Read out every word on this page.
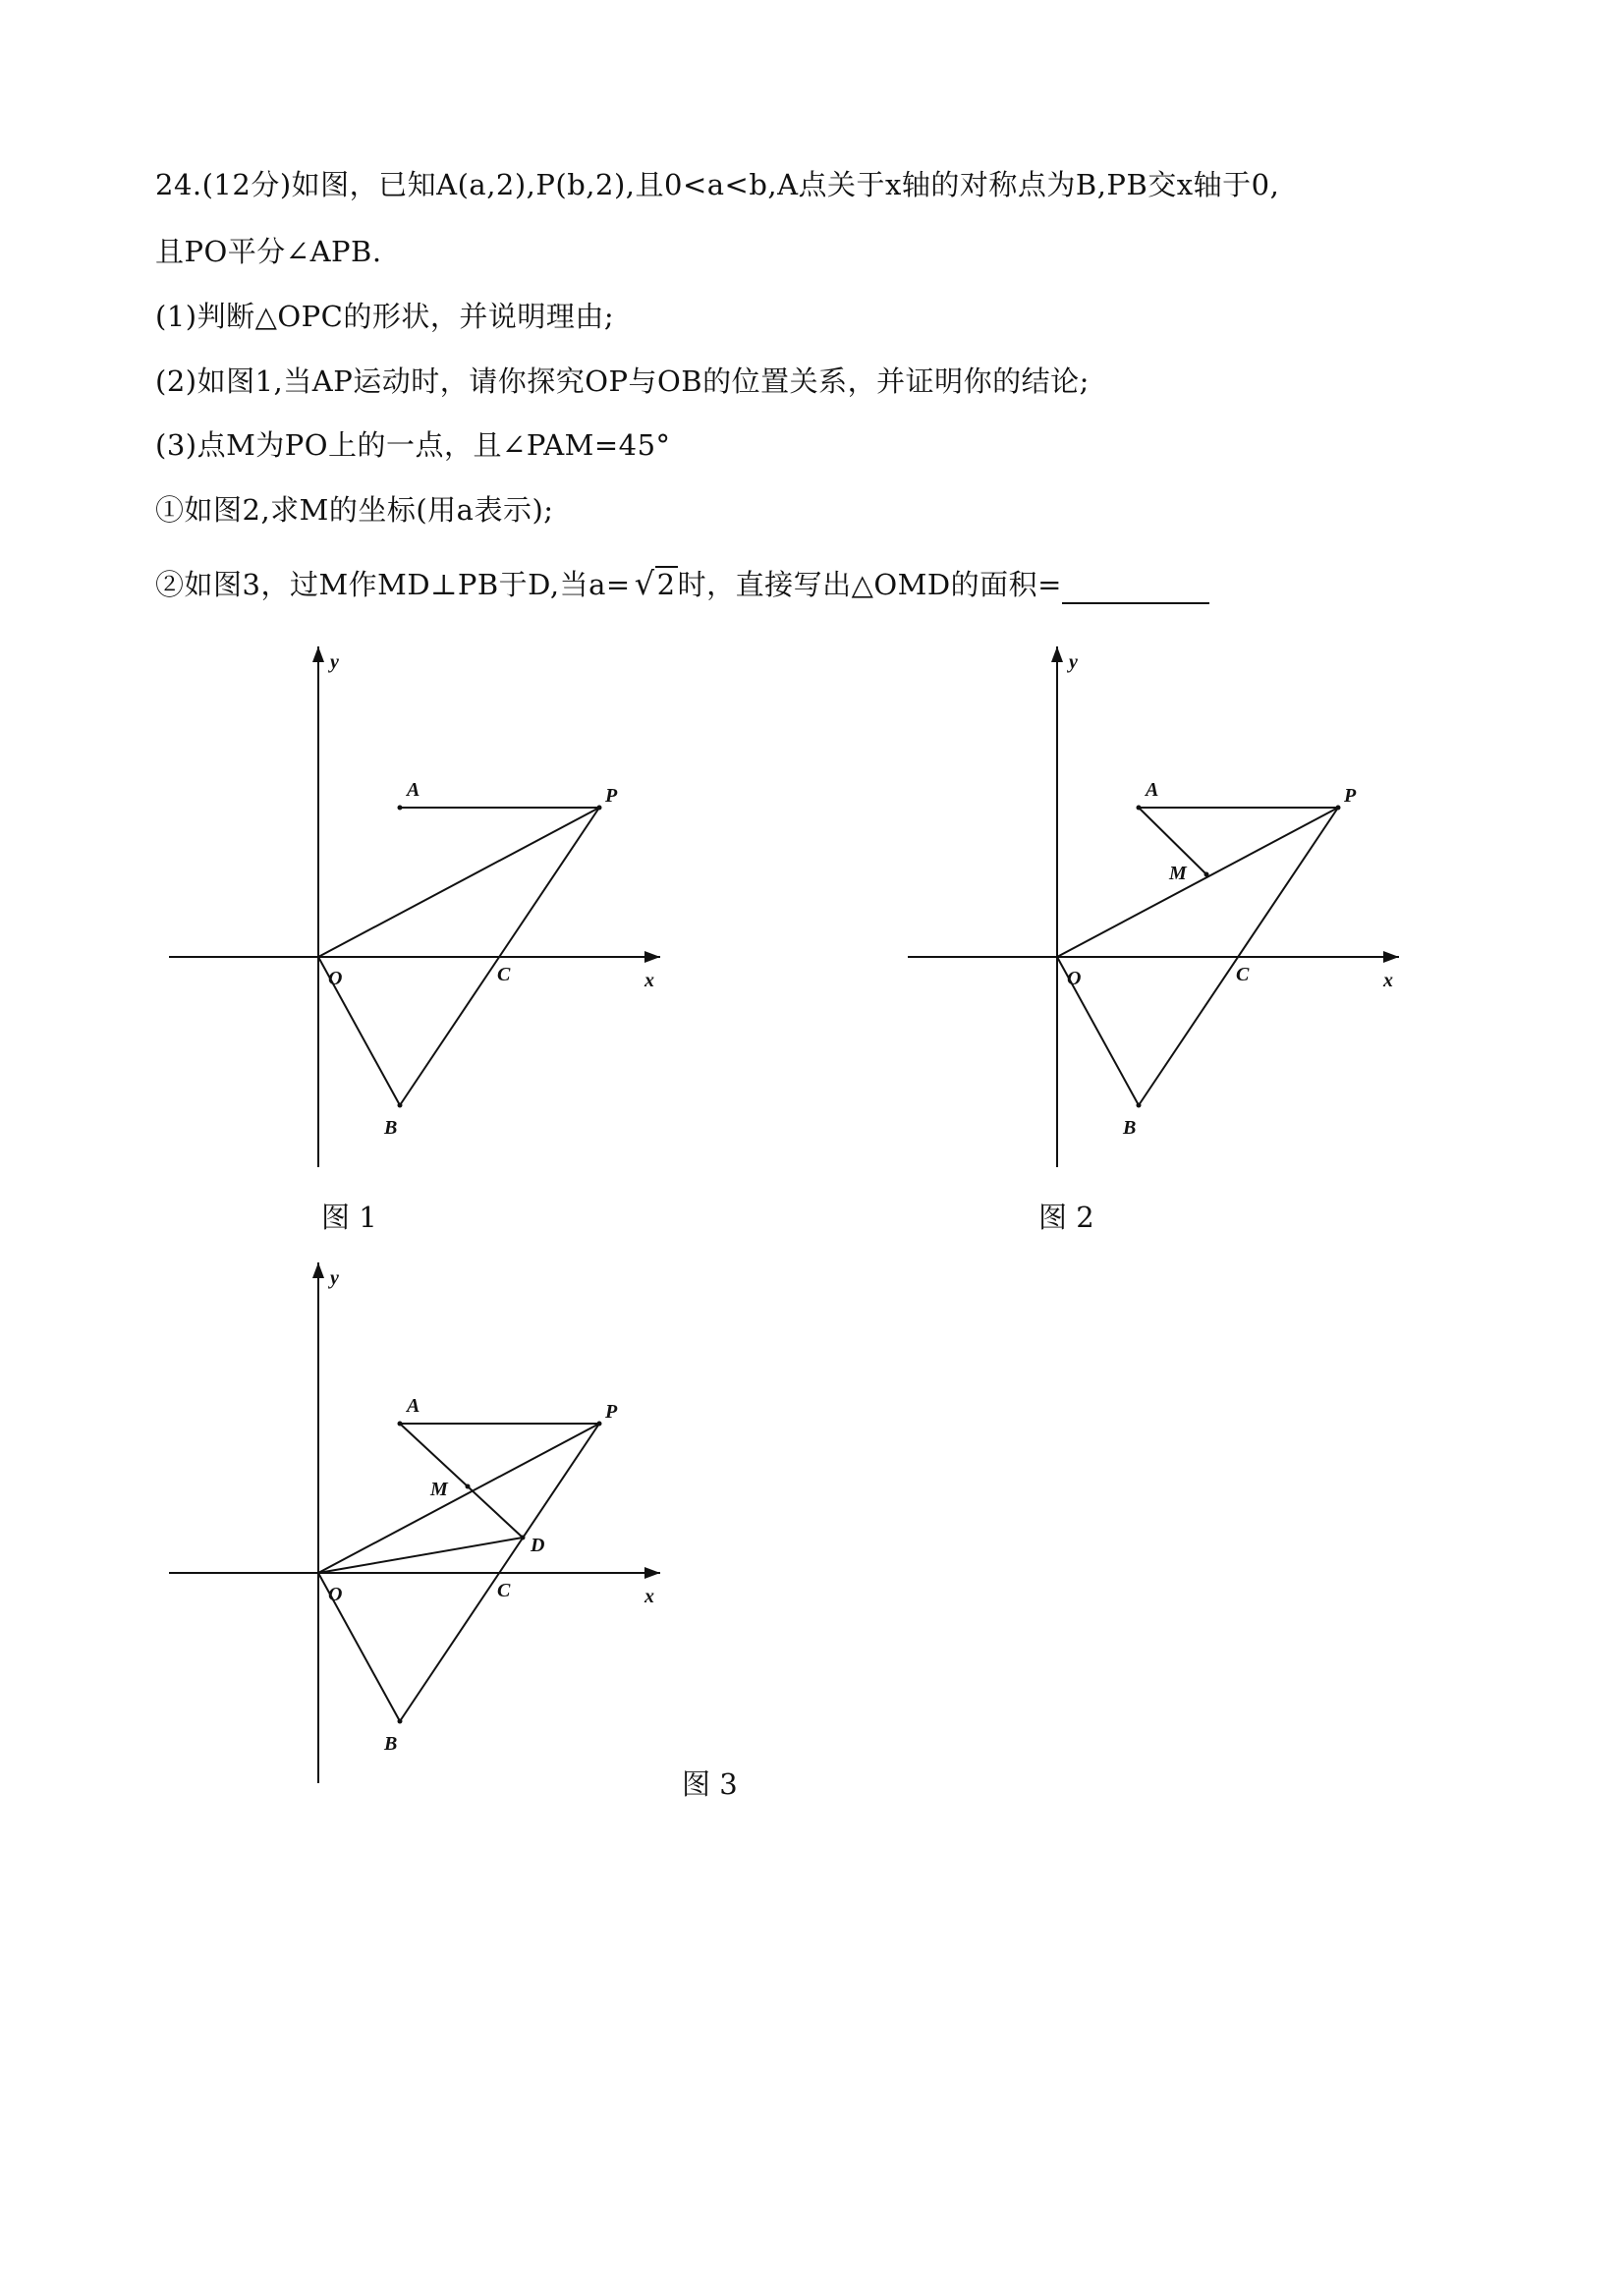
24.(12分)如图，已知A(a,2),P(b,2),且0<a<b,A点关于x轴的对称点为B,PB交x轴于0,
且PO平分∠APB.
(1)判断△OPC的形状，并说明理由;
(2)如图1,当AP运动时，请你探究OP与OB的位置关系，并证明你的结论;
(3)点M为PO上的一点，且∠PAM=45°
①如图2,求M的坐标(用a表示);
②如图3，过M作MD⊥PB于D,当a= √2时，直接写出△OMD的面积=
y
A	P
O	C	x
B
图 1
y
A	P
M
O	C	x
B
图 2
y
A	P
M
D
O	C	x
B
图 3
